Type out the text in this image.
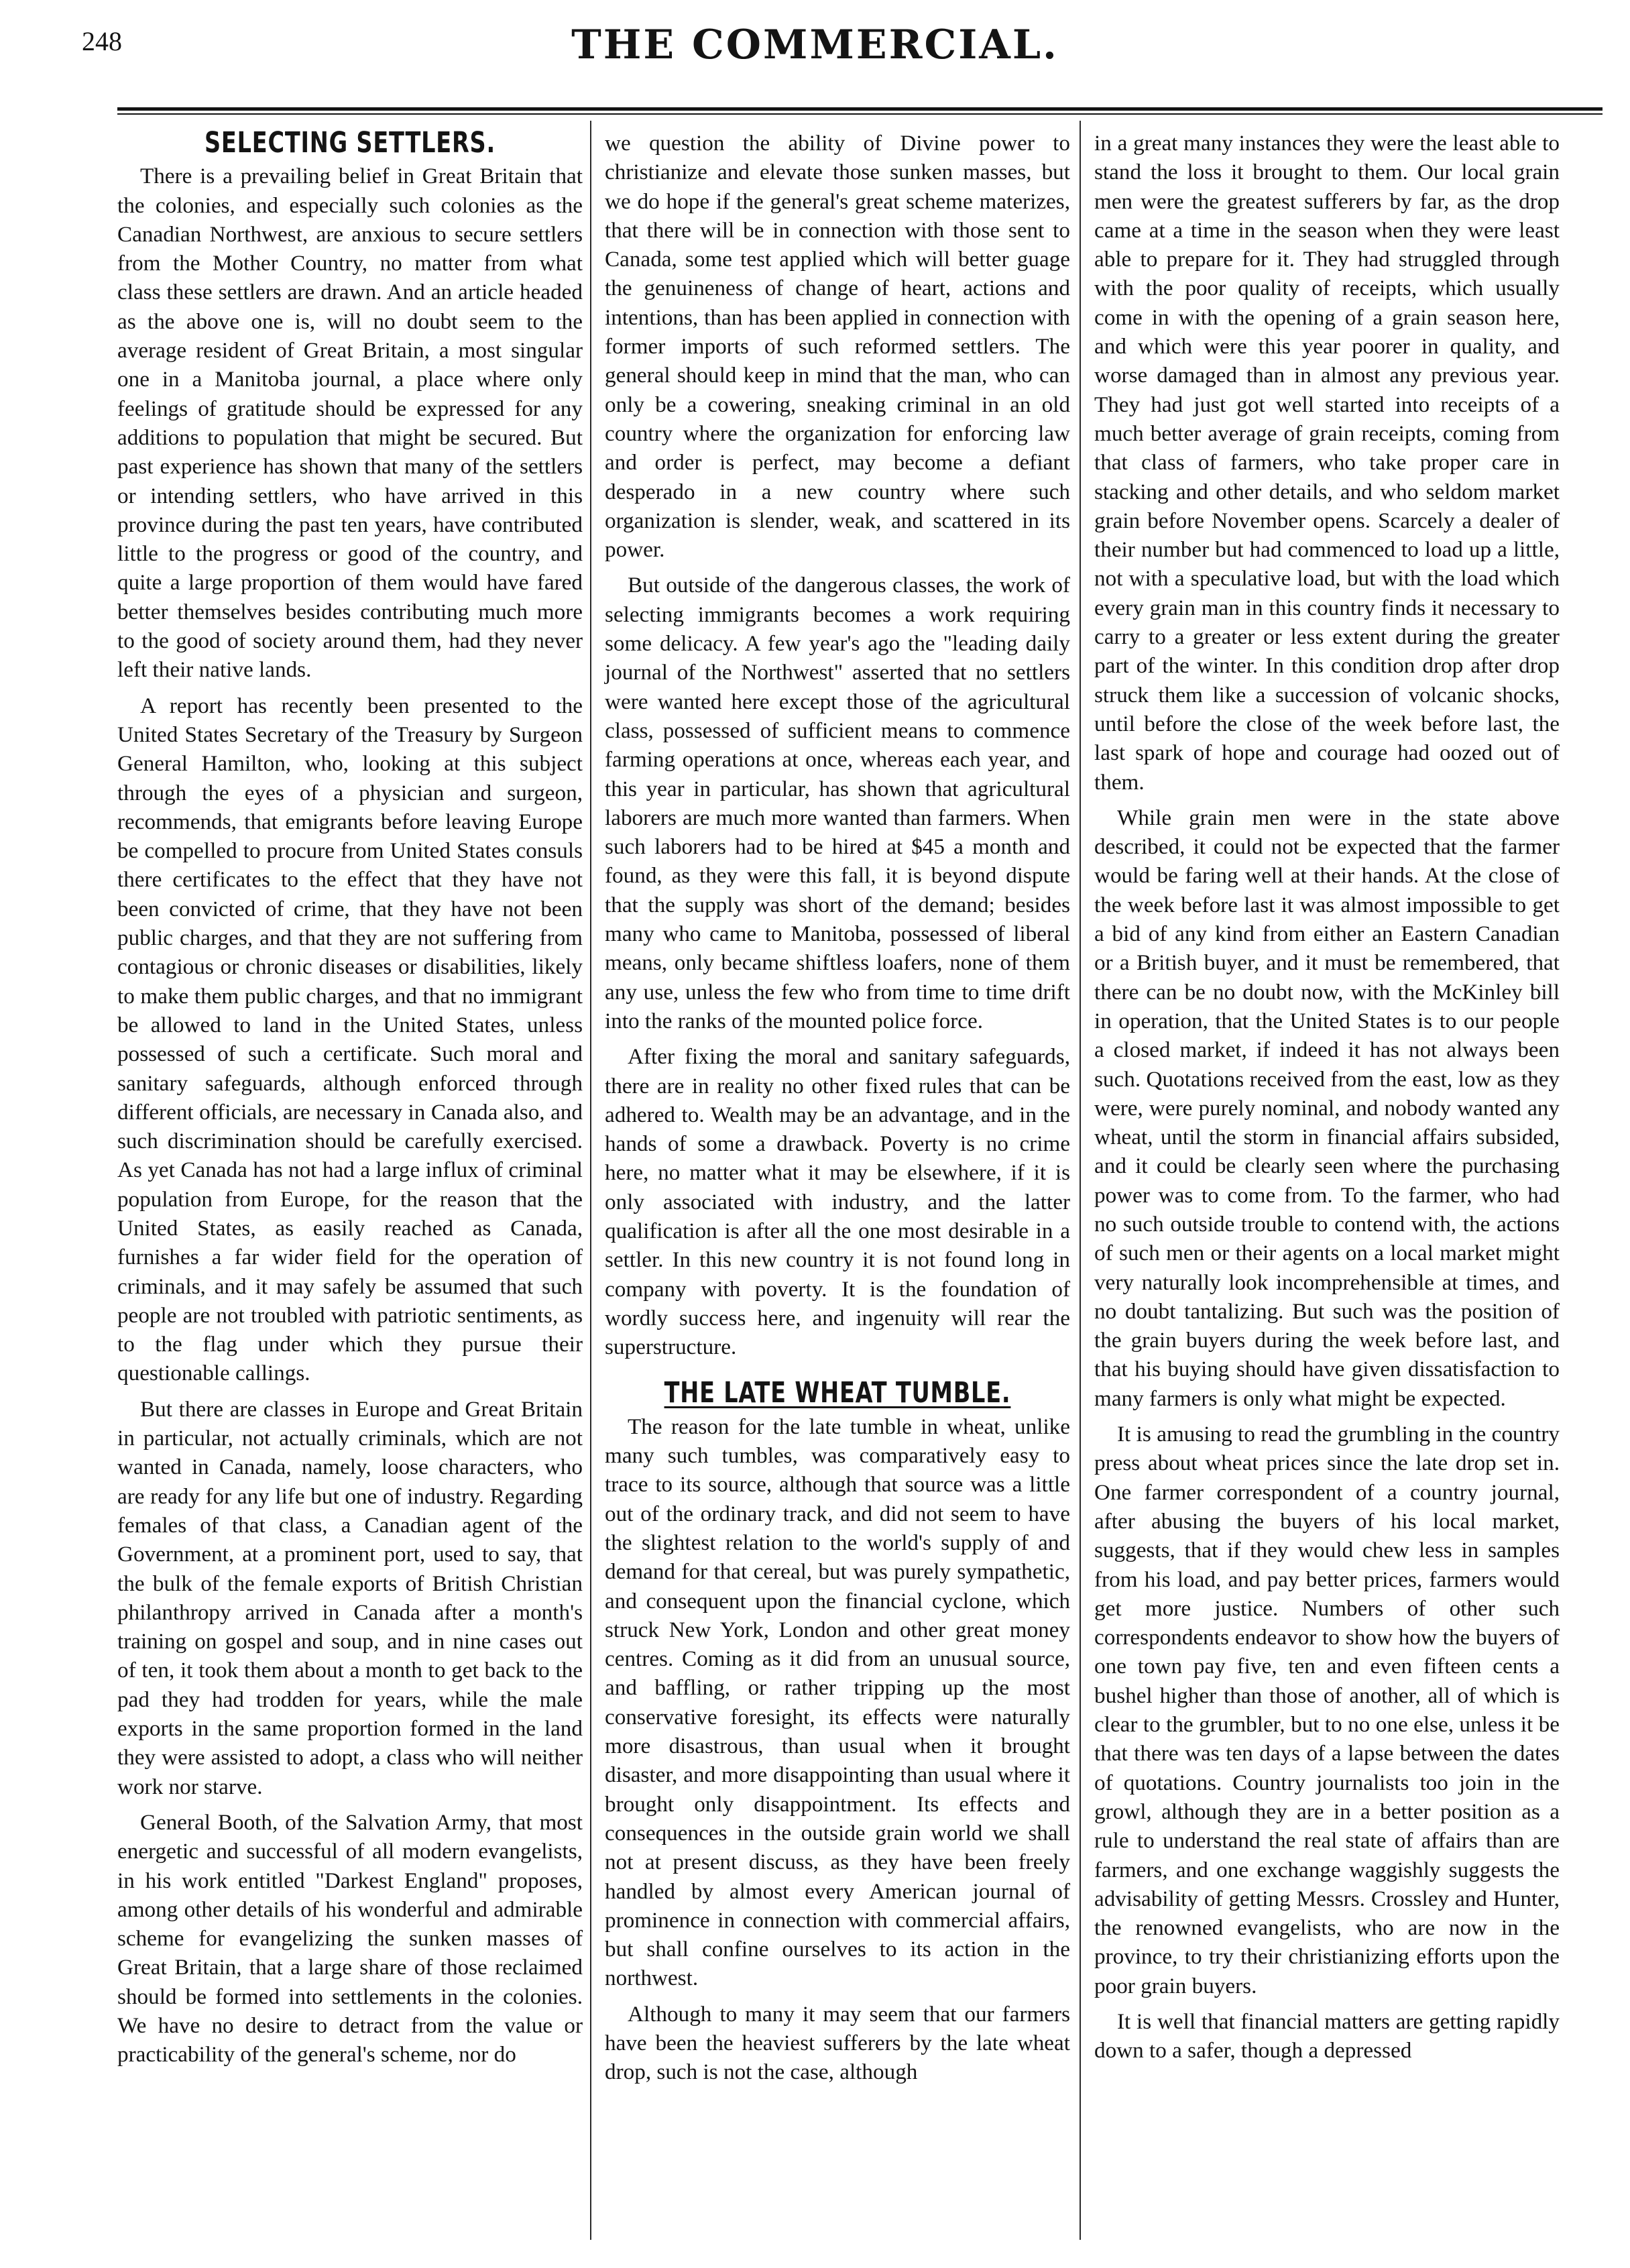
248	THE COMMERCIAL.
SELECTING SETTLERS.

There is a prevailing belief in Great Britain that the colonies, and especially such colonies as the Canadian Northwest, are anxious to secure settlers from the Mother Country, no matter from what class these settlers are drawn. And an article headed as the above one is, will no doubt seem to the average resident of Great Britain, a most singular one in a Manitoba journal, a place where only feelings of gratitude should be expressed for any additions to population that might be secured. But past experience has shown that many of the settlers or intending settlers, who have arrived in this province during the past ten years, have contributed little to the progress or good of the country, and quite a large proportion of them would have fared better themselves besides contributing much more to the good of society around them, had they never left their native lands.

A report has recently been presented to the United States Secretary of the Treasury by Surgeon General Hamilton, who, looking at this subject through the eyes of a physician and surgeon, recommends, that emigrants before leaving Europe be compelled to procure from United States consuls there certificates to the effect that they have not been convicted of crime, that they have not been public charges, and that they are not suffering from contagious or chronic diseases or disabilities, likely to make them public charges, and that no immigrant be allowed to land in the United States, unless possessed of such a certificate. Such moral and sanitary safeguards, although enforced through different officials, are necessary in Canada also, and such discrimination should be carefully exercised. As yet Canada has not had a large influx of criminal population from Europe, for the reason that the United States, as easily reached as Canada, furnishes a far wider field for the operation of criminals, and it may safely be assumed that such people are not troubled with patriotic sentiments, as to the flag under which they pursue their questionable callings.

But there are classes in Europe and Great Britain in particular, not actually criminals, which are not wanted in Canada, namely, loose characters, who are ready for any life but one of industry. Regarding females of that class, a Canadian agent of the Government, at a prominent port, used to say, that the bulk of the female exports of British Christian philanthropy arrived in Canada after a month's training on gospel and soup, and in nine cases out of ten, it took them about a month to get back to the pad they had trodden for years, while the male exports in the same proportion formed in the land they were assisted to adopt, a class who will neither work nor starve.

General Booth, of the Salvation Army, that most energetic and successful of all modern evangelists, in his work entitled "Darkest England" proposes, among other details of his wonderful and admirable scheme for evangelizing the sunken masses of Great Britain, that a large share of those reclaimed should be formed into settlements in the colonies. We have no desire to detract from the value or practicability of the general's scheme, nor do

we question the ability of Divine power to christianize and elevate those sunken masses, but we do hope if the general's great scheme materizes, that there will be in connection with those sent to Canada, some test applied which will better guage the genuineness of change of heart, actions and intentions, than has been applied in connection with former imports of such reformed settlers. The general should keep in mind that the man, who can only be a cowering, sneaking criminal in an old country where the organization for enforcing law and order is perfect, may become a defiant desperado in a new country where such organization is slender, weak, and scattered in its power.

But outside of the dangerous classes, the work of selecting immigrants becomes a work requiring some delicacy. A few year's ago the "leading daily journal of the Northwest" asserted that no settlers were wanted here except those of the agricultural class, possessed of sufficient means to commence farming operations at once, whereas each year, and this year in particular, has shown that agricultural laborers are much more wanted than farmers. When such laborers had to be hired at $45 a month and found, as they were this fall, it is beyond dispute that the supply was short of the demand; besides many who came to Manitoba, possessed of liberal means, only became shiftless loafers, none of them any use, unless the few who from time to time drift into the ranks of the mounted police force.

After fixing the moral and sanitary safeguards, there are in reality no other fixed rules that can be adhered to. Wealth may be an advantage, and in the hands of some a drawback. Poverty is no crime here, no matter what it may be elsewhere, if it is only associated with industry, and the latter qualification is after all the one most desirable in a settler. In this new country it is not found long in company with poverty. It is the foundation of wordly success here, and ingenuity will rear the superstructure.

THE LATE WHEAT TUMBLE.

The reason for the late tumble in wheat, unlike many such tumbles, was comparatively easy to trace to its source, although that source was a little out of the ordinary track, and did not seem to have the slightest relation to the world's supply of and demand for that cereal, but was purely sympathetic, and consequent upon the financial cyclone, which struck New York, London and other great money centres. Coming as it did from an unusual source, and baffling, or rather tripping up the most conservative foresight, its effects were naturally more disastrous, than usual when it brought disaster, and more disappointing than usual where it brought only disappointment. Its effects and consequences in the outside grain world we shall not at present discuss, as they have been freely handled by almost every American journal of prominence in connection with commercial affairs, but shall confine ourselves to its action in the northwest.

Although to many it may seem that our farmers have been the heaviest sufferers by the late wheat drop, such is not the case, although

in a great many instances they were the least able to stand the loss it brought to them. Our local grain men were the greatest sufferers by far, as the drop came at a time in the season when they were least able to prepare for it. They had struggled through with the poor quality of receipts, which usually come in with the opening of a grain season here, and which were this year poorer in quality, and worse damaged than in almost any previous year. They had just got well started into receipts of a much better average of grain receipts, coming from that class of farmers, who take proper care in stacking and other details, and who seldom market grain before November opens. Scarcely a dealer of their number but had commenced to load up a little, not with a speculative load, but with the load which every grain man in this country finds it necessary to carry to a greater or less extent during the greater part of the winter. In this condition drop after drop struck them like a succession of volcanic shocks, until before the close of the week before last, the last spark of hope and courage had oozed out of them.

While grain men were in the state above described, it could not be expected that the farmer would be faring well at their hands. At the close of the week before last it was almost impossible to get a bid of any kind from either an Eastern Canadian or a British buyer, and it must be remembered, that there can be no doubt now, with the McKinley bill in operation, that the United States is to our people a closed market, if indeed it has not always been such. Quotations received from the east, low as they were, were purely nominal, and nobody wanted any wheat, until the storm in financial affairs subsided, and it could be clearly seen where the purchasing power was to come from. To the farmer, who had no such outside trouble to contend with, the actions of such men or their agents on a local market might very naturally look incomprehensible at times, and no doubt tantalizing. But such was the position of the grain buyers during the week before last, and that his buying should have given dissatisfaction to many farmers is only what might be expected.

It is amusing to read the grumbling in the country press about wheat prices since the late drop set in. One farmer correspondent of a country journal, after abusing the buyers of his local market, suggests, that if they would chew less in samples from his load, and pay better prices, farmers would get more justice. Numbers of other such correspondents endeavor to show how the buyers of one town pay five, ten and even fifteen cents a bushel higher than those of another, all of which is clear to the grumbler, but to no one else, unless it be that there was ten days of a lapse between the dates of quotations. Country journalists too join in the growl, although they are in a better position as a rule to understand the real state of affairs than are farmers, and one exchange waggishly suggests the advisability of getting Messrs. Crossley and Hunter, the renowned evangelists, who are now in the province, to try their christianizing efforts upon the poor grain buyers.

It is well that financial matters are getting rapidly down to a safer, though a depressed
